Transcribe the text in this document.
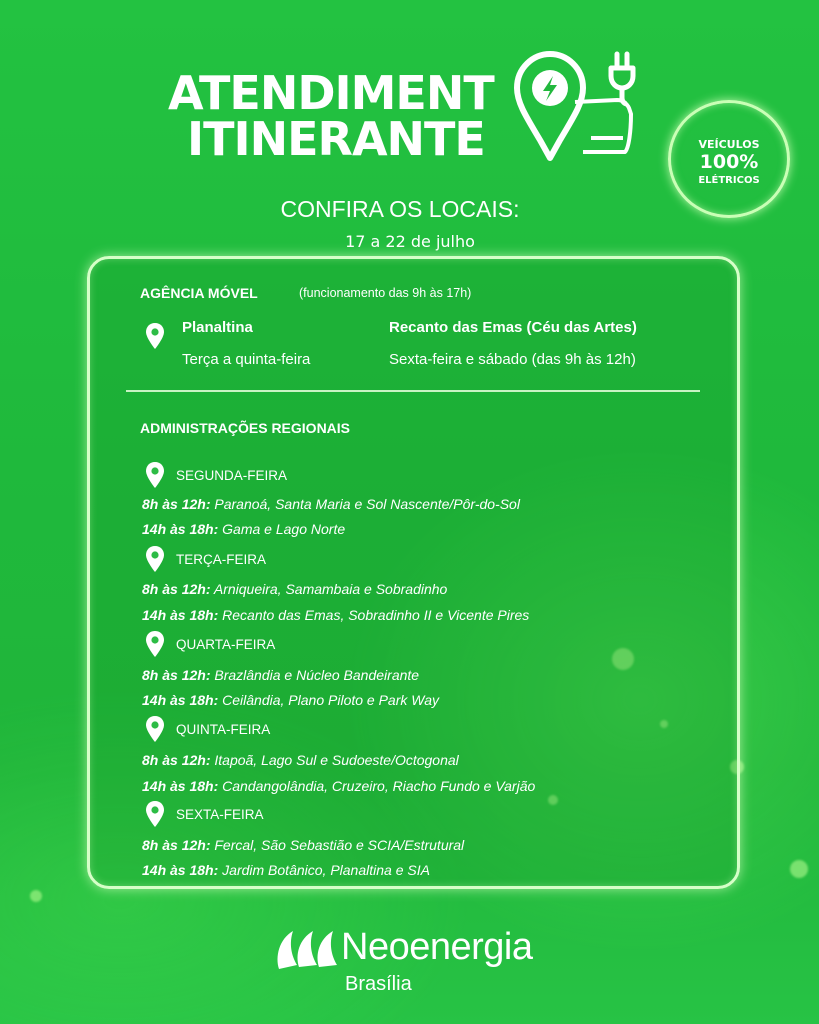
ATENDIMENT
ITINERANTE	VEÍCULOS
100%
ELÉTRICOS
CONFIRA OS LOCAIS:
17 a 22 de julho
AGÊNCIA MÓVEL	(funcionamento das 9h às 17h)
Planaltina
Terça a quinta-feira
Recanto das Emas (Céu das Artes)
Sexta-feira e sábado (das 9h às 12h)
ADMINISTRAÇÕES REGIONAIS
SEGUNDA-FEIRA
8h às 12h: Paranoá, Santa Maria e Sol Nascente/Pôr-do-Sol
14h às 18h: Gama e Lago Norte
TERÇA-FEIRA
8h às 12h: Arniqueira, Samambaia e Sobradinho
14h às 18h: Recanto das Emas, Sobradinho II e Vicente Pires
QUARTA-FEIRA
8h às 12h: Brazlândia e Núcleo Bandeirante
14h às 18h: Ceilândia, Plano Piloto e Park Way
QUINTA-FEIRA
8h às 12h: Itapoã, Lago Sul e Sudoeste/Octogonal
14h às 18h: Candangolândia, Cruzeiro, Riacho Fundo e Varjão
SEXTA-FEIRA
8h às 12h: Fercal, São Sebastião e SCIA/Estrutural
14h às 18h: Jardim Botânico, Planaltina e SIA
Neoenergia
Brasília
